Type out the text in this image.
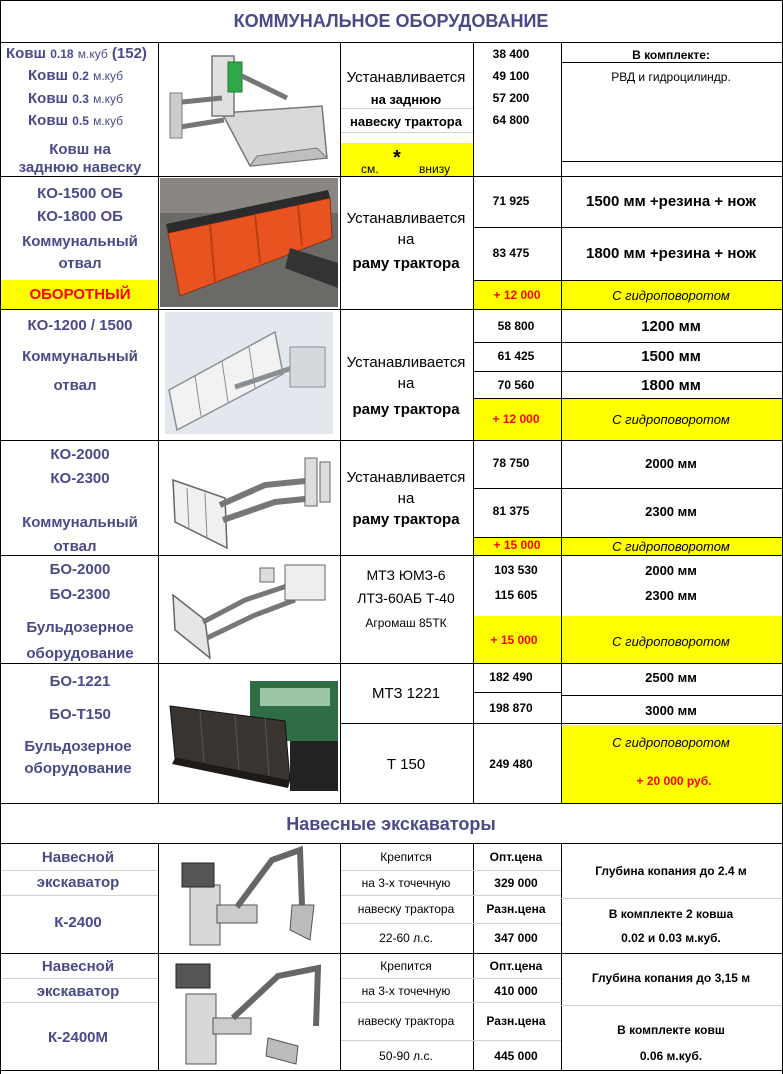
КОММУНАЛЬНОЕ ОБОРУДОВАНИЕ
Навесные экскаваторы
Ковш 0.18 м.куб (152)
Ковш 0.2 м.куб
Ковш 0.3 м.куб
Ковш 0.5 м.куб
Ковш на
заднюю навеску
Устанавливается
на заднюю
навеску трактора
см. * внизу
38 400
49 100
57 200
64 800
В комплекте:
РВД и гидроцилиндр.
КО-1500 ОБ
КО-1800 ОБ
Коммунальный
отвал
ОБОРОТНЫЙ
Устанавливается
на
раму трактора
71 925
83 475
+ 12 000
1500 мм +резина + нож
1800 мм +резина + нож
С гидроповоротом
КО-1200 / 1500
Коммунальный
отвал
Устанавливается
на
раму трактора
58 800
61 425
70 560
+ 12 000
1200 мм
1500 мм
1800 мм
С гидроповоротом
КО-2000
КО-2300
Коммунальный
отвал
Устанавливается
на
раму трактора
78 750
81 375
+ 15 000
2000 мм
2300 мм
С гидроповоротом
БО-2000
БО-2300
Бульдозерное
оборудование
МТЗ ЮМЗ-6
ЛТЗ-60АБ Т-40
Агромаш 85ТК
103 530
115 605
+ 15 000
2000 мм
2300 мм
С гидроповоротом
БО-1221
БО-Т150
Бульдозерное
оборудование
МТЗ 1221
Т 150
182 490
198 870
249 480
2500 мм
3000 мм
С гидроповоротом
+ 20 000 руб.
Навесной
экскаватор
К-2400
Крепится
на 3-х точечную
навеску трактора
22-60 л.с.
Опт.цена
329 000
Разн.цена
347 000
Глубина копания до 2.4 м
В комплекте 2 ковша
0.02 и 0.03 м.куб.
Навесной
экскаватор
К-2400М
Крепится
на 3-х точечную
навеску трактора
50-90 л.с.
Опт.цена
410 000
Разн.цена
445 000
Глубина копания до 3,15 м
В комплекте ковш
0.06 м.куб.
